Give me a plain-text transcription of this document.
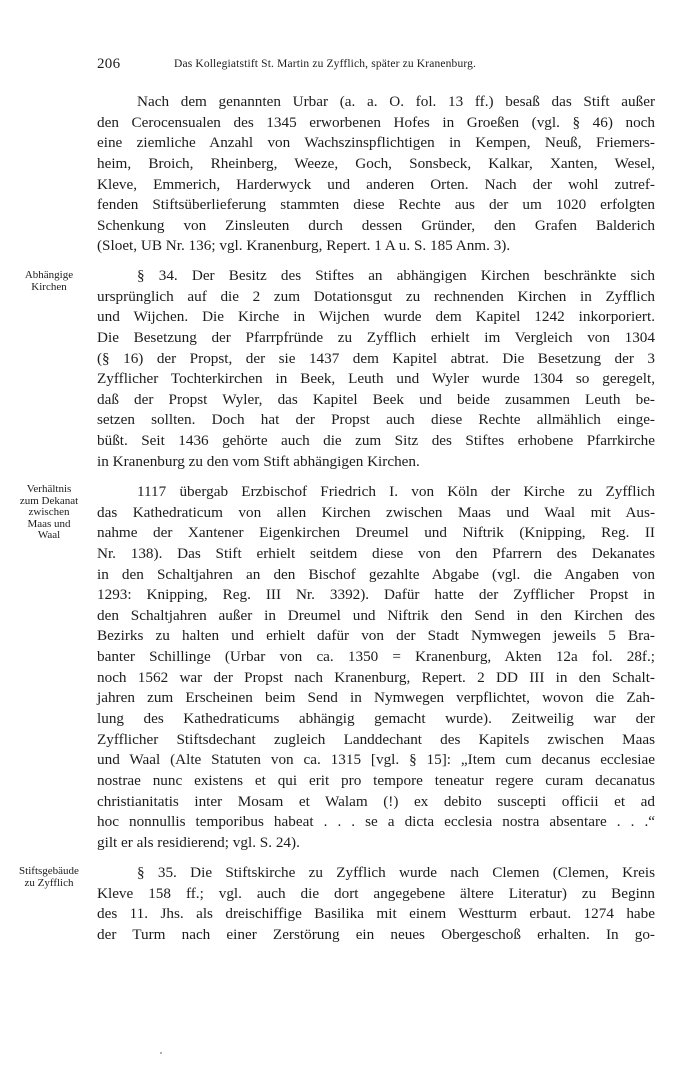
206	Das Kollegiatstift St. Martin zu Zyfflich, später zu Kranenburg.
Nach dem genannten Urbar (a. a. O. fol. 13 ff.) besaß das Stift außer
den Cerocensualen des 1345 erworbenen Hofes in Groeßen (vgl. § 46) noch
eine ziemliche Anzahl von Wachszinspflichtigen in Kempen, Neuß, Friemers-
heim, Broich, Rheinberg, Weeze, Goch, Sonsbeck, Kalkar, Xanten, Wesel,
Kleve, Emmerich, Harderwyck und anderen Orten. Nach der wohl zutref-
fenden Stiftsüberlieferung stammten diese Rechte aus der um 1020 erfolgten
Schenkung von Zinsleuten durch dessen Gründer, den Grafen Balderich
(Sloet, UB Nr. 136; vgl. Kranenburg, Repert. 1 A u. S. 185 Anm. 3).
Abhängige
Kirchen
§ 34. Der Besitz des Stiftes an abhängigen Kirchen beschränkte sich
ursprünglich auf die 2 zum Dotationsgut zu rechnenden Kirchen in Zyfflich
und Wijchen. Die Kirche in Wijchen wurde dem Kapitel 1242 inkorporiert.
Die Besetzung der Pfarrpfründe zu Zyfflich erhielt im Vergleich von 1304
(§ 16) der Propst, der sie 1437 dem Kapitel abtrat. Die Besetzung der 3
Zyfflicher Tochterkirchen in Beek, Leuth und Wyler wurde 1304 so geregelt,
daß der Propst Wyler, das Kapitel Beek und beide zusammen Leuth be-
setzen sollten. Doch hat der Propst auch diese Rechte allmählich einge-
büßt. Seit 1436 gehörte auch die zum Sitz des Stiftes erhobene Pfarrkirche
in Kranenburg zu den vom Stift abhängigen Kirchen.
Verhältnis
zum Dekanat
zwischen
Maas und
Waal
1117 übergab Erzbischof Friedrich I. von Köln der Kirche zu Zyfflich
das Kathedraticum von allen Kirchen zwischen Maas und Waal mit Aus-
nahme der Xantener Eigenkirchen Dreumel und Niftrik (Knipping, Reg. II
Nr. 138). Das Stift erhielt seitdem diese von den Pfarrern des Dekanates
in den Schaltjahren an den Bischof gezahlte Abgabe (vgl. die Angaben von
1293: Knipping, Reg. III Nr. 3392). Dafür hatte der Zyfflicher Propst in
den Schaltjahren außer in Dreumel und Niftrik den Send in den Kirchen des
Bezirks zu halten und erhielt dafür von der Stadt Nymwegen jeweils 5 Bra-
banter Schillinge (Urbar von ca. 1350 = Kranenburg, Akten 12a fol. 28f.;
noch 1562 war der Propst nach Kranenburg, Repert. 2 DD III in den Schalt-
jahren zum Erscheinen beim Send in Nymwegen verpflichtet, wovon die Zah-
lung des Kathedraticums abhängig gemacht wurde). Zeitweilig war der
Zyfflicher Stiftsdechant zugleich Landdechant des Kapitels zwischen Maas
und Waal (Alte Statuten von ca. 1315 [vgl. § 15]: „Item cum decanus ecclesiae
nostrae nunc existens et qui erit pro tempore teneatur regere curam decanatus
christianitatis inter Mosam et Walam (!) ex debito suscepti officii et ad
hoc nonnullis temporibus habeat . . . se a dicta ecclesia nostra absentare . . .“
gilt er als residierend; vgl. S. 24).
Stiftsgebäude
zu Zyfflich
§ 35. Die Stiftskirche zu Zyfflich wurde nach Clemen (Clemen, Kreis
Kleve 158 ff.; vgl. auch die dort angegebene ältere Literatur) zu Beginn
des 11. Jhs. als dreischiffige Basilika mit einem Westturm erbaut. 1274 habe
der Turm nach einer Zerstörung ein neues Obergeschoß erhalten. In go-
